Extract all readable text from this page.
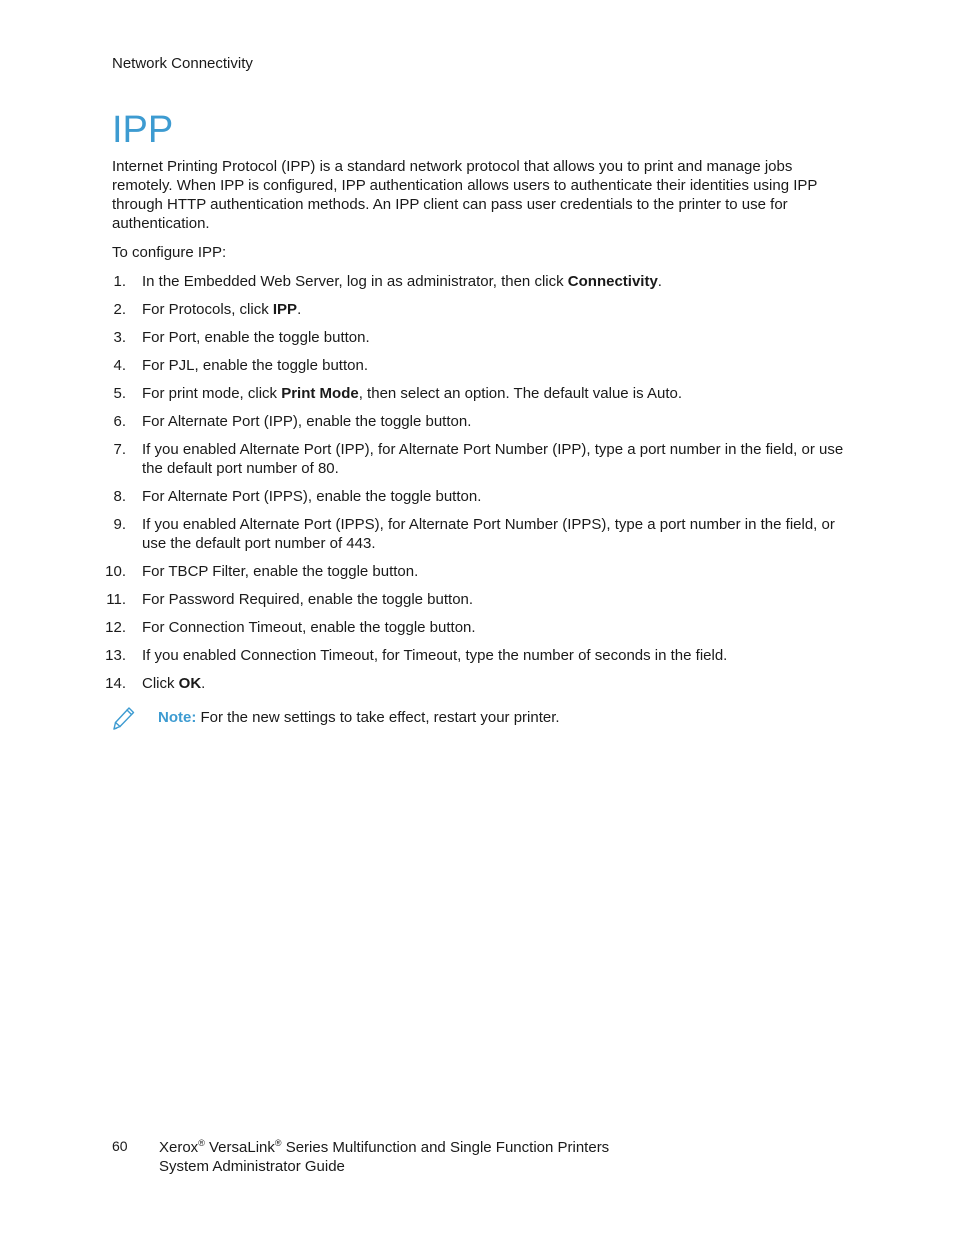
Network Connectivity
IPP

Internet Printing Protocol (IPP) is a standard network protocol that allows you to print and manage jobs remotely. When IPP is configured, IPP authentication allows users to authenticate their identities using IPP through HTTP authentication methods. An IPP client can pass user credentials to the printer to use for authentication.

To configure IPP:

1. In the Embedded Web Server, log in as administrator, then click Connectivity.
2. For Protocols, click IPP.
3. For Port, enable the toggle button.
4. For PJL, enable the toggle button.
5. For print mode, click Print Mode, then select an option. The default value is Auto.
6. For Alternate Port (IPP), enable the toggle button.
7. If you enabled Alternate Port (IPP), for Alternate Port Number (IPP), type a port number in the field, or use the default port number of 80.
8. For Alternate Port (IPPS), enable the toggle button.
9. If you enabled Alternate Port (IPPS), for Alternate Port Number (IPPS), type a port number in the field, or use the default port number of 443.
10. For TBCP Filter, enable the toggle button.
11. For Password Required, enable the toggle button.
12. For Connection Timeout, enable the toggle button.
13. If you enabled Connection Timeout, for Timeout, type the number of seconds in the field.
14. Click OK.
Note: For the new settings to take effect, restart your printer.
60 Xerox® VersaLink® Series Multifunction and Single Function Printers
System Administrator Guide
